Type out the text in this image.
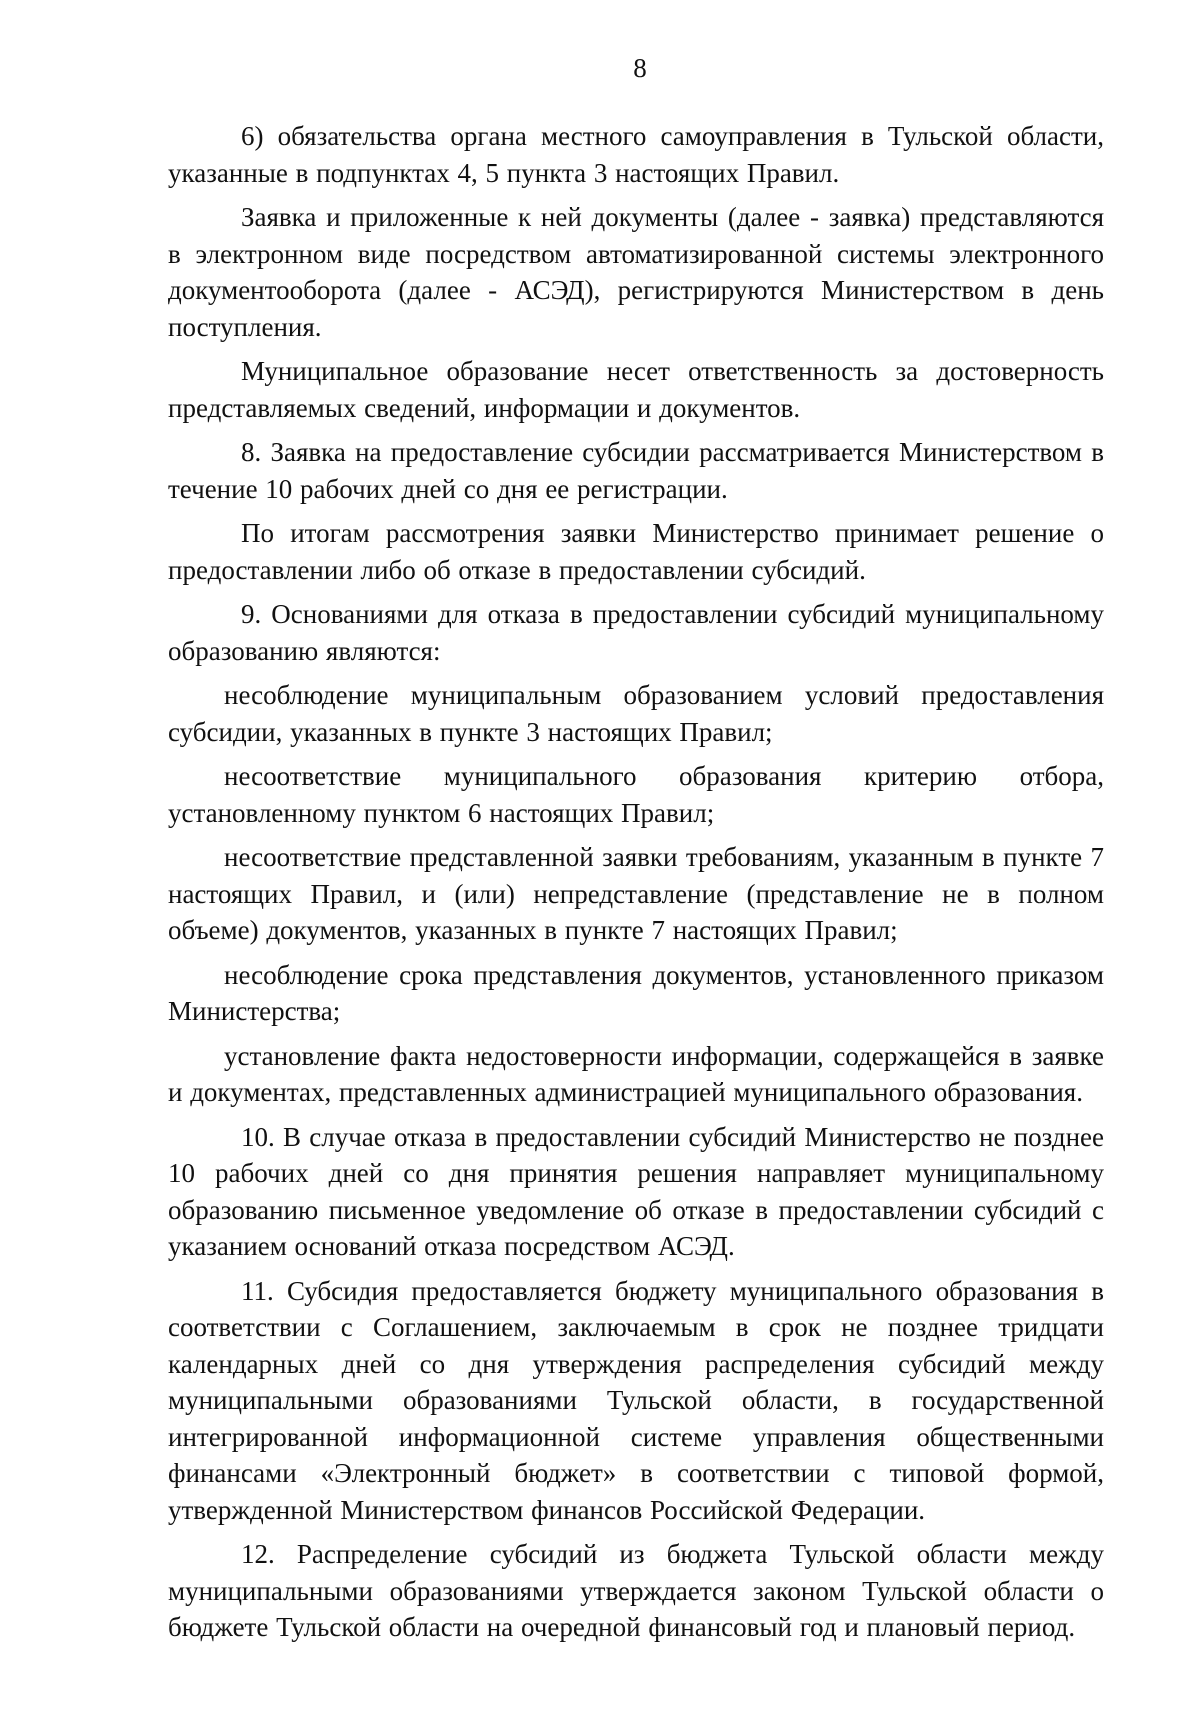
8

6) обязательства органа местного самоуправления в Тульской области, указанные в подпунктах 4, 5 пункта 3 настоящих Правил.

Заявка и приложенные к ней документы (далее - заявка) представляются в электронном виде посредством автоматизированной системы электронного документооборота (далее - АСЭД), регистрируются Министерством в день поступления.

Муниципальное образование несет ответственность за достоверность представляемых сведений, информации и документов.

8. Заявка на предоставление субсидии рассматривается Министерством в течение 10 рабочих дней со дня ее регистрации.

По итогам рассмотрения заявки Министерство принимает решение о предоставлении либо об отказе в предоставлении субсидий.

9. Основаниями для отказа в предоставлении субсидий муниципальному образованию являются:

несоблюдение муниципальным образованием условий предоставления субсидии, указанных в пункте 3 настоящих Правил;

несоответствие муниципального образования критерию отбора, установленному пунктом 6 настоящих Правил;

несоответствие представленной заявки требованиям, указанным в пункте 7 настоящих Правил, и (или) непредставление (представление не в полном объеме) документов, указанных в пункте 7 настоящих Правил;

несоблюдение срока представления документов, установленного приказом Министерства;

установление факта недостоверности информации, содержащейся в заявке и документах, представленных администрацией муниципального образования.

10. В случае отказа в предоставлении субсидий Министерство не позднее 10 рабочих дней со дня принятия решения направляет муниципальному образованию письменное уведомление об отказе в предоставлении субсидий с указанием оснований отказа посредством АСЭД.

11. Субсидия предоставляется бюджету муниципального образования в соответствии с Соглашением, заключаемым в срок не позднее тридцати календарных дней со дня утверждения распределения субсидий между муниципальными образованиями Тульской области, в государственной интегрированной информационной системе управления общественными финансами «Электронный бюджет» в соответствии с типовой формой, утвержденной Министерством финансов Российской Федерации.

12. Распределение субсидий из бюджета Тульской области между муниципальными образованиями утверждается законом Тульской области о бюджете Тульской области на очередной финансовый год и плановый период.
